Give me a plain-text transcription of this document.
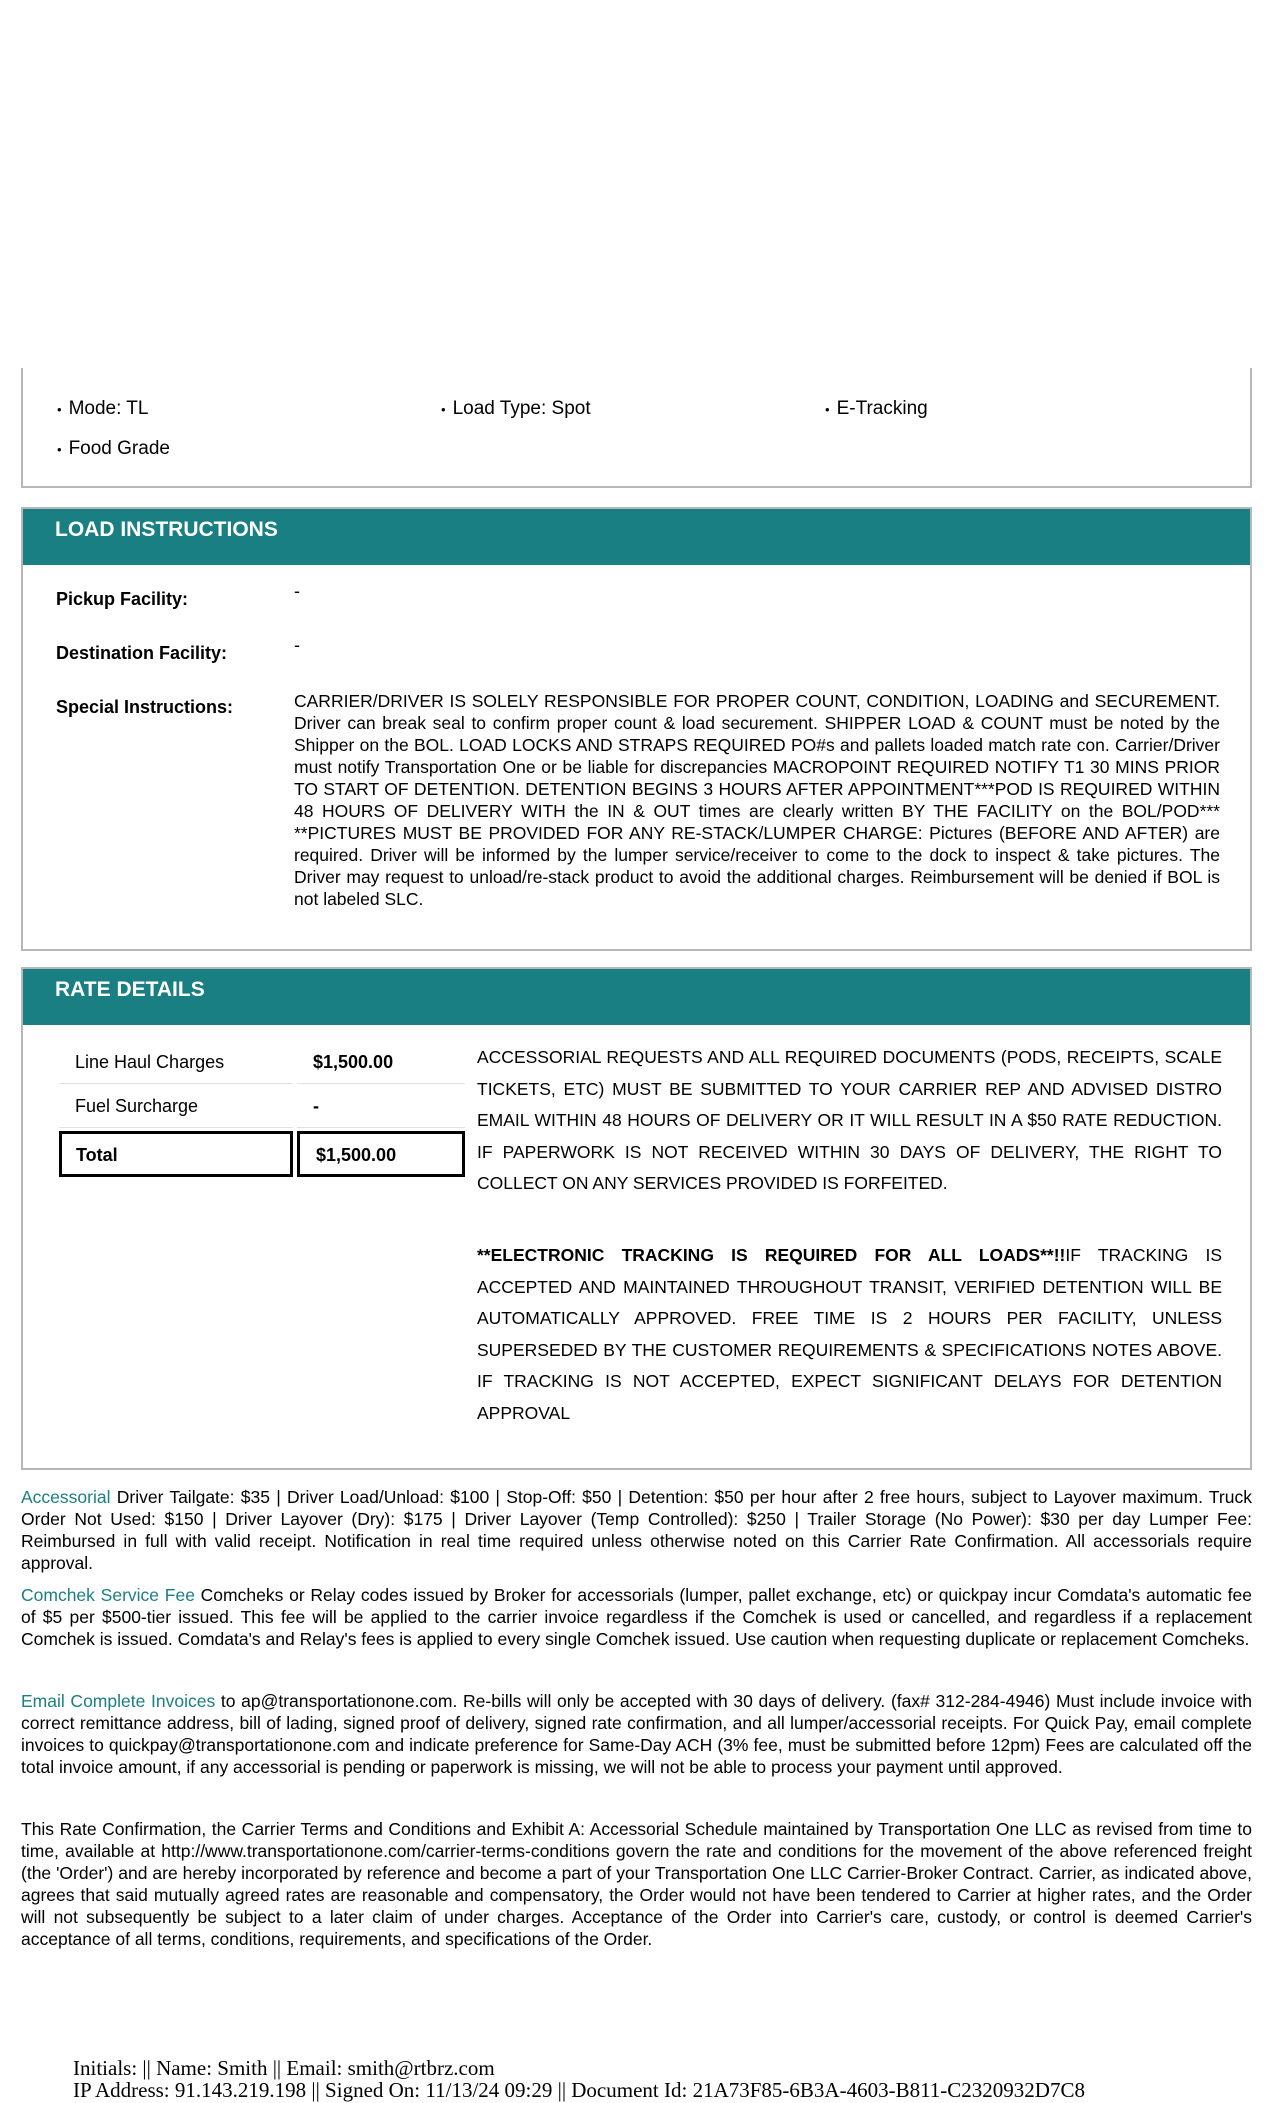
• Mode: TL	• Load Type: Spot	• E-Tracking
• Food Grade
LOAD INSTRUCTIONS
Pickup Facility:	-
Destination Facility:	-
Special Instructions:	CARRIER/DRIVER IS SOLELY RESPONSIBLE FOR PROPER COUNT, CONDITION, LOADING and SECUREMENT. Driver can break seal to confirm proper count & load securement. SHIPPER LOAD & COUNT must be noted by the Shipper on the BOL. LOAD LOCKS AND STRAPS REQUIRED PO#s and pallets loaded match rate con. Carrier/Driver must notify Transportation One or be liable for discrepancies MACROPOINT REQUIRED NOTIFY T1 30 MINS PRIOR TO START OF DETENTION. DETENTION BEGINS 3 HOURS AFTER APPOINTMENT***POD IS REQUIRED WITHIN 48 HOURS OF DELIVERY WITH the IN & OUT times are clearly written BY THE FACILITY on the BOL/POD*** **PICTURES MUST BE PROVIDED FOR ANY RE-STACK/LUMPER CHARGE: Pictures (BEFORE AND AFTER) are required. Driver will be informed by the lumper service/receiver to come to the dock to inspect & take pictures. The Driver may request to unload/re-stack product to avoid the additional charges. Reimbursement will be denied if BOL is not labeled SLC.
RATE DETAILS
Line Haul Charges	$1,500.00
Fuel Surcharge	-
Total	$1,500.00
ACCESSORIAL REQUESTS AND ALL REQUIRED DOCUMENTS (PODS, RECEIPTS, SCALE TICKETS, ETC) MUST BE SUBMITTED TO YOUR CARRIER REP AND ADVISED DISTRO EMAIL WITHIN 48 HOURS OF DELIVERY OR IT WILL RESULT IN A $50 RATE REDUCTION. IF PAPERWORK IS NOT RECEIVED WITHIN 30 DAYS OF DELIVERY, THE RIGHT TO COLLECT ON ANY SERVICES PROVIDED IS FORFEITED.
**ELECTRONIC TRACKING IS REQUIRED FOR ALL LOADS**!!IF TRACKING IS ACCEPTED AND MAINTAINED THROUGHOUT TRANSIT, VERIFIED DETENTION WILL BE AUTOMATICALLY APPROVED. FREE TIME IS 2 HOURS PER FACILITY, UNLESS SUPERSEDED BY THE CUSTOMER REQUIREMENTS & SPECIFICATIONS NOTES ABOVE. IF TRACKING IS NOT ACCEPTED, EXPECT SIGNIFICANT DELAYS FOR DETENTION APPROVAL
Accessorial Driver Tailgate: $35 | Driver Load/Unload: $100 | Stop-Off: $50 | Detention: $50 per hour after 2 free hours, subject to Layover maximum. Truck Order Not Used: $150 | Driver Layover (Dry): $175 | Driver Layover (Temp Controlled): $250 | Trailer Storage (No Power): $30 per day Lumper Fee: Reimbursed in full with valid receipt. Notification in real time required unless otherwise noted on this Carrier Rate Confirmation. All accessorials require approval.
Comchek Service Fee Comcheks or Relay codes issued by Broker for accessorials (lumper, pallet exchange, etc) or quickpay incur Comdata's automatic fee of $5 per $500-tier issued. This fee will be applied to the carrier invoice regardless if the Comchek is used or cancelled, and regardless if a replacement Comchek is issued. Comdata's and Relay's fees is applied to every single Comchek issued. Use caution when requesting duplicate or replacement Comcheks.
Email Complete Invoices to ap@transportationone.com. Re-bills will only be accepted with 30 days of delivery. (fax# 312-284-4946) Must include invoice with correct remittance address, bill of lading, signed proof of delivery, signed rate confirmation, and all lumper/accessorial receipts. For Quick Pay, email complete invoices to quickpay@transportationone.com and indicate preference for Same-Day ACH (3% fee, must be submitted before 12pm) Fees are calculated off the total invoice amount, if any accessorial is pending or paperwork is missing, we will not be able to process your payment until approved.
This Rate Confirmation, the Carrier Terms and Conditions and Exhibit A: Accessorial Schedule maintained by Transportation One LLC as revised from time to time, available at http://www.transportationone.com/carrier-terms-conditions govern the rate and conditions for the movement of the above referenced freight (the 'Order') and are hereby incorporated by reference and become a part of your Transportation One LLC Carrier-Broker Contract. Carrier, as indicated above, agrees that said mutually agreed rates are reasonable and compensatory, the Order would not have been tendered to Carrier at higher rates, and the Order will not subsequently be subject to a later claim of under charges. Acceptance of the Order into Carrier's care, custody, or control is deemed Carrier's acceptance of all terms, conditions, requirements, and specifications of the Order.
Initials: || Name: Smith || Email: smith@rtbrz.com
IP Address: 91.143.219.198 || Signed On: 11/13/24 09:29 || Document Id: 21A73F85-6B3A-4603-B811-C2320932D7C8
